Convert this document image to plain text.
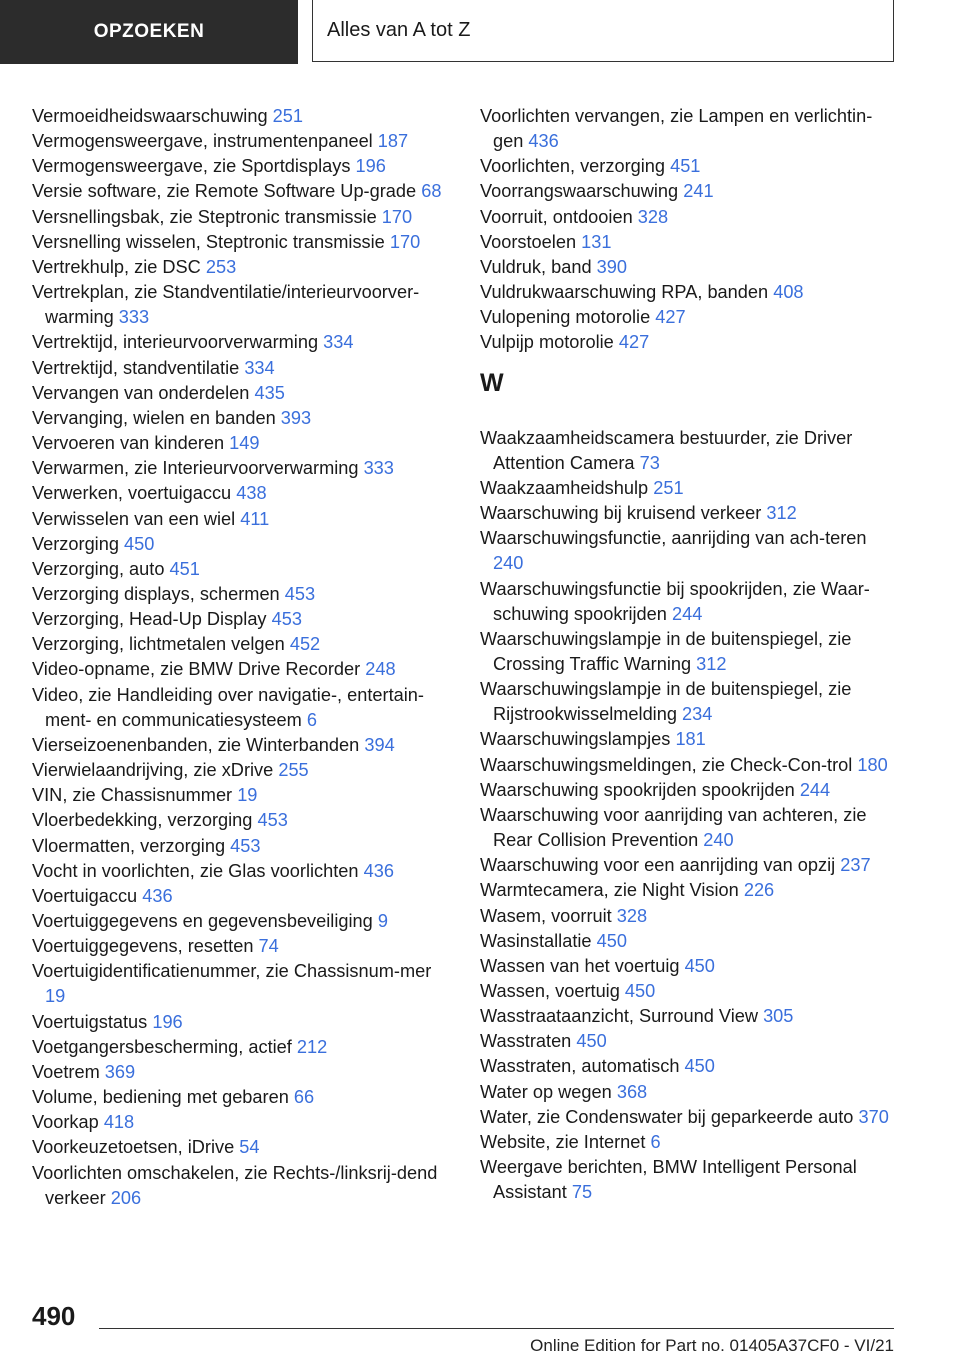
OPZOEKEN	Alles van A tot Z

Vermoeidheidswaarschuwing 251

Vermogensweergave, instrumentenpaneel 187

Vermogensweergave, zie Sportdisplays 196

Versie software, zie Remote Software Up-grade 68

Versnellingsbak, zie Steptronic transmissie 170

Versnelling wisselen, Steptronic transmissie 170

Vertrekhulp, zie DSC 253

Vertrekplan, zie Standventilatie/interieurvoorver-warming 333

Vertrektijd, interieurvoorverwarming 334

Vertrektijd, standventilatie 334

Vervangen van onderdelen 435

Vervanging, wielen en banden 393

Vervoeren van kinderen 149

Verwarmen, zie Interieurvoorverwarming 333

Verwerken, voertuigaccu 438

Verwisselen van een wiel 411

Verzorging 450

Verzorging, auto 451

Verzorging displays, schermen 453

Verzorging, Head-Up Display 453

Verzorging, lichtmetalen velgen 452

Video-opname, zie BMW Drive Recorder 248

Video, zie Handleiding over navigatie-, entertain-ment- en communicatiesysteem 6

Vierseizoenenbanden, zie Winterbanden 394

Vierwielaandrijving, zie xDrive 255

VIN, zie Chassisnummer 19

Vloerbedekking, verzorging 453

Vloermatten, verzorging 453

Vocht in voorlichten, zie Glas voorlichten 436

Voertuigaccu 436

Voertuiggegevens en gegevensbeveiliging 9

Voertuiggegevens, resetten 74

Voertuigidentificatienummer, zie Chassisnum-mer 19

Voertuigstatus 196

Voetgangersbescherming, actief 212

Voetrem 369

Volume, bediening met gebaren 66

Voorkap 418

Voorkeuzetoetsen, iDrive 54

Voorlichten omschakelen, zie Rechts-/linksrij-dend verkeer 206

Voorlichten vervangen, zie Lampen en verlichtin-gen 436

Voorlichten, verzorging 451

Voorrangswaarschuwing 241

Voorruit, ontdooien 328

Voorstoelen 131

Vuldruk, band 390

Vuldrukwaarschuwing RPA, banden 408

Vulopening motorolie 427

Vulpijp motorolie 427

W

Waakzaamheidscamera bestuurder, zie Driver Attention Camera 73

Waakzaamheidshulp 251

Waarschuwing bij kruisend verkeer 312

Waarschuwingsfunctie, aanrijding van ach-teren 240

Waarschuwingsfunctie bij spookrijden, zie Waar-schuwing spookrijden 244

Waarschuwingslampje in de buitenspiegel, zie Crossing Traffic Warning 312

Waarschuwingslampje in de buitenspiegel, zie Rijstrookwisselmelding 234

Waarschuwingslampjes 181

Waarschuwingsmeldingen, zie Check-Con-trol 180

Waarschuwing spookrijden spookrijden 244

Waarschuwing voor aanrijding van achteren, zie Rear Collision Prevention 240

Waarschuwing voor een aanrijding van opzij 237

Warmtecamera, zie Night Vision 226

Wasem, voorruit 328

Wasinstallatie 450

Wassen van het voertuig 450

Wassen, voertuig 450

Wasstraataanzicht, Surround View 305

Wasstraten 450

Wasstraten, automatisch 450

Water op wegen 368

Water, zie Condenswater bij geparkeerde auto 370

Website, zie Internet 6

Weergave berichten, BMW Intelligent Personal Assistant 75

490
Online Edition for Part no. 01405A37CF0 - VI/21
